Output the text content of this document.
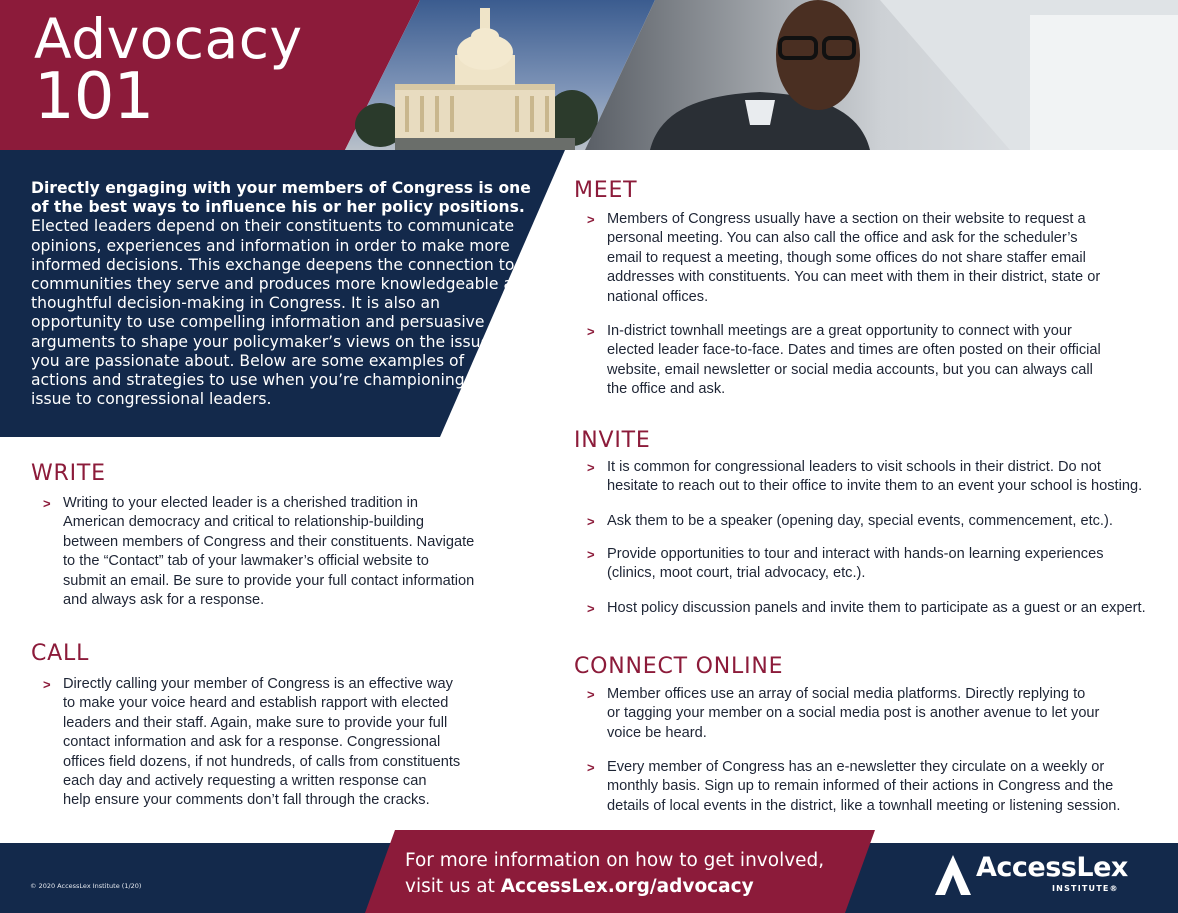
Advocacy
101
Directly engaging with your members of Congress is one
of the best ways to influence his or her policy positions.
Elected leaders depend on their constituents to communicate
opinions, experiences and information in order to make more
informed decisions. This exchange deepens the connection to the
communities they serve and produces more knowledgeable and
thoughtful decision-making in Congress. It is also an
opportunity to use compelling information and persuasive
arguments to shape your policymaker’s views on the issues
you are passionate about. Below are some examples of
actions and strategies to use when you’re championing an
issue to congressional leaders.
WRITE
> Writing to your elected leader is a cherished tradition in
American democracy and critical to relationship-building
between members of Congress and their constituents. Navigate
to the “Contact” tab of your lawmaker’s official website to
submit an email. Be sure to provide your full contact information
and always ask for a response.
CALL
> Directly calling your member of Congress is an effective way
to make your voice heard and establish rapport with elected
leaders and their staff. Again, make sure to provide your full
contact information and ask for a response. Congressional
offices field dozens, if not hundreds, of calls from constituents
each day and actively requesting a written response can
help ensure your comments don’t fall through the cracks.
MEET
> Members of Congress usually have a section on their website to request a
personal meeting. You can also call the office and ask for the scheduler’s
email to request a meeting, though some offices do not share staffer email
addresses with constituents. You can meet with them in their district, state or
national offices.
> In-district townhall meetings are a great opportunity to connect with your
elected leader face-to-face. Dates and times are often posted on their official
website, email newsletter or social media accounts, but you can always call
the office and ask.
INVITE
> It is common for congressional leaders to visit schools in their district. Do not
hesitate to reach out to their office to invite them to an event your school is hosting.
> Ask them to be a speaker (opening day, special events, commencement, etc.).
> Provide opportunities to tour and interact with hands-on learning experiences
(clinics, moot court, trial advocacy, etc.).
> Host policy discussion panels and invite them to participate as a guest or an expert.
CONNECT ONLINE
> Member offices use an array of social media platforms. Directly replying to
or tagging your member on a social media post is another avenue to let your
voice be heard.
> Every member of Congress has an e-newsletter they circulate on a weekly or
monthly basis. Sign up to remain informed of their actions in Congress and the
details of local events in the district, like a townhall meeting or listening session.
For more information on how to get involved,
visit us at AccessLex.org/advocacy
© 2020 AccessLex Institute (1/20)
AccessLex
INSTITUTE®
